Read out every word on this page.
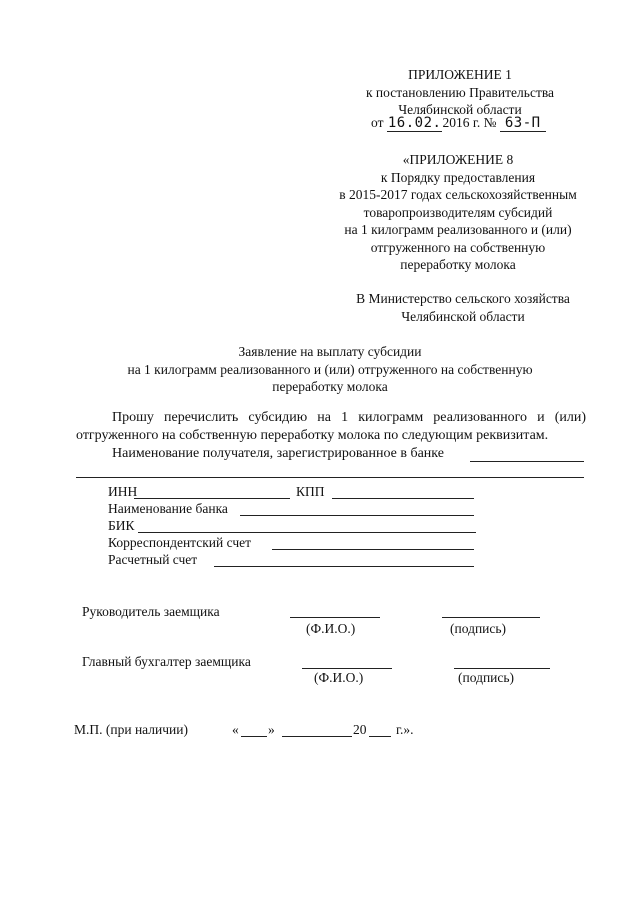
ПРИЛОЖЕНИЕ 1
к постановлению Правительства
Челябинской области
от 16.02.2016 г. № 63-П
«ПРИЛОЖЕНИЕ 8
к Порядку предоставления
в 2015-2017 годах сельскохозяйственным
товаропроизводителям субсидий
на 1 килограмм реализованного и (или)
отгруженного на собственную
переработку молока
В Министерство сельского хозяйства
Челябинской области
Заявление на выплату субсидии
на 1 килограмм реализованного и (или) отгруженного на собственную
переработку молока
Прошу перечислить субсидию на 1 килограмм реализованного и (или)
отгруженного на собственную переработку молока по следующим реквизитам.
Наименование получателя, зарегистрированное в банке
ИНН	КПП
Наименование банка
БИК
Корреспондентский счет
Расчетный счет
Руководитель заемщика
(Ф.И.О.)	(подпись)
Главный бухгалтер заемщика
(Ф.И.О.)	(подпись)
М.П. (при наличии)	« »	20 г.».
